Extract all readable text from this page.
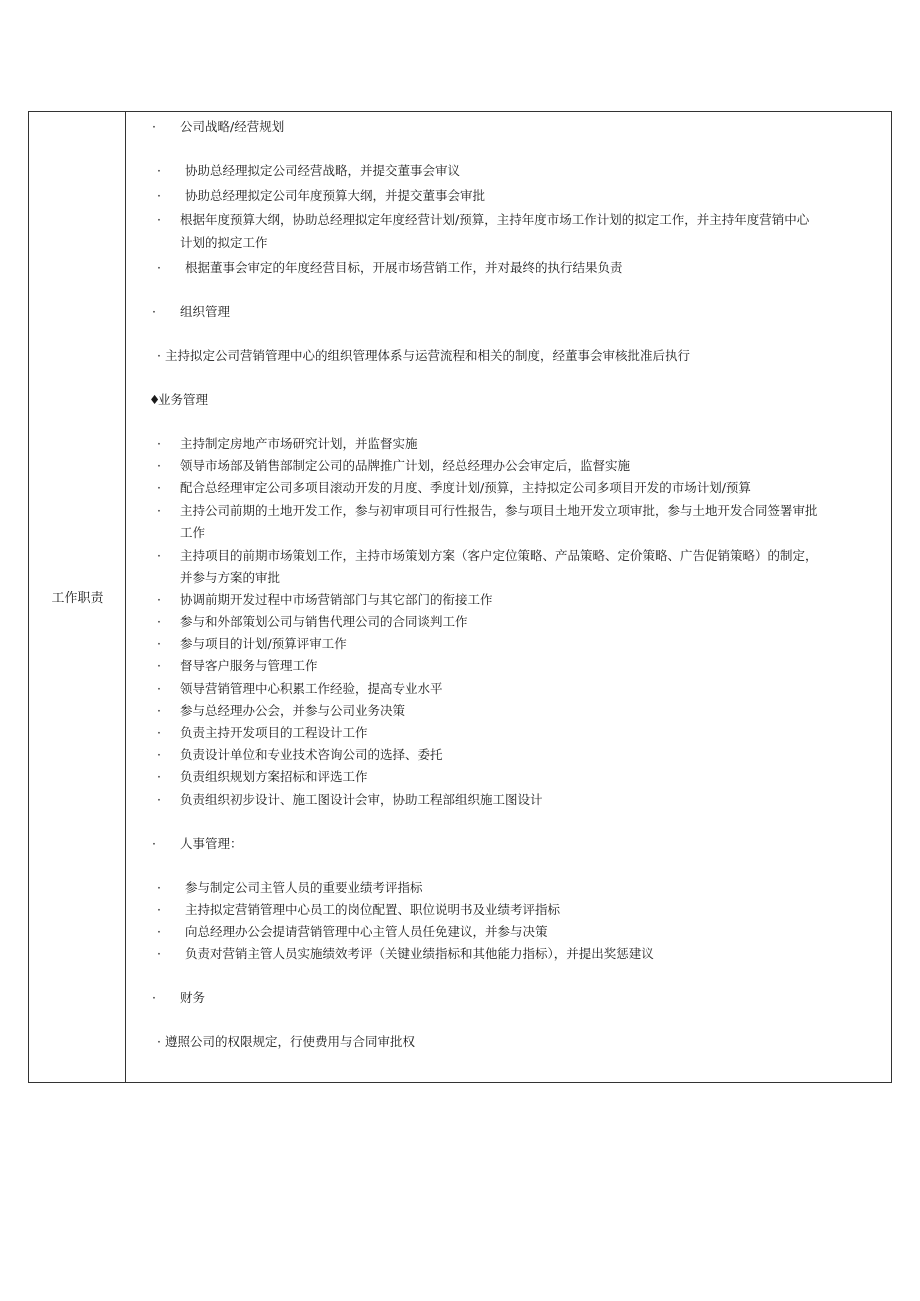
工作职责
· 公司战略/经营规划
· 协助总经理拟定公司经营战略，并提交董事会审议
· 协助总经理拟定公司年度预算大纲，并提交董事会审批
· 根据年度预算大纲，协助总经理拟定年度经营计划/预算，主持年度市场工作计划的拟定工作，并主持年度营销中心
计划的拟定工作
· 根据董事会审定的年度经营目标，开展市场营销工作，并对最终的执行结果负责
· 组织管理
· 主持拟定公司营销管理中心的组织管理体系与运营流程和相关的制度，经董事会审核批准后执行
♦
业务管理
· 主持制定房地产市场研究计划，并监督实施
· 领导市场部及销售部制定公司的品牌推广计划，经总经理办公会审定后，监督实施
· 配合总经理审定公司多项目滚动开发的月度、季度计划/预算，主持拟定公司多项目开发的市场计划/预算
· 主持公司前期的土地开发工作，参与初审项目可行性报告，参与项目土地开发立项审批，参与土地开发合同签署审批
工作
· 主持项目的前期市场策划工作，主持市场策划方案（客户定位策略、产品策略、定价策略、广告促销策略）的制定，
并参与方案的审批
· 协调前期开发过程中市场营销部门与其它部门的衔接工作
· 参与和外部策划公司与销售代理公司的合同谈判工作
· 参与项目的计划/预算评审工作
· 督导客户服务与管理工作
· 领导营销管理中心积累工作经验，提高专业水平
· 参与总经理办公会，并参与公司业务决策
· 负责主持开发项目的工程设计工作
· 负责设计单位和专业技术咨询公司的选择、委托
· 负责组织规划方案招标和评选工作
· 负责组织初步设计、施工图设计会审，协助工程部组织施工图设计
· 人事管理：
· 参与制定公司主管人员的重要业绩考评指标
· 主持拟定营销管理中心员工的岗位配置、职位说明书及业绩考评指标
· 向总经理办公会提请营销管理中心主管人员任免建议，并参与决策
· 负责对营销主管人员实施绩效考评（关键业绩指标和其他能力指标），并提出奖惩建议
· 财务
· 遵照公司的权限规定，行使费用与合同审批权
